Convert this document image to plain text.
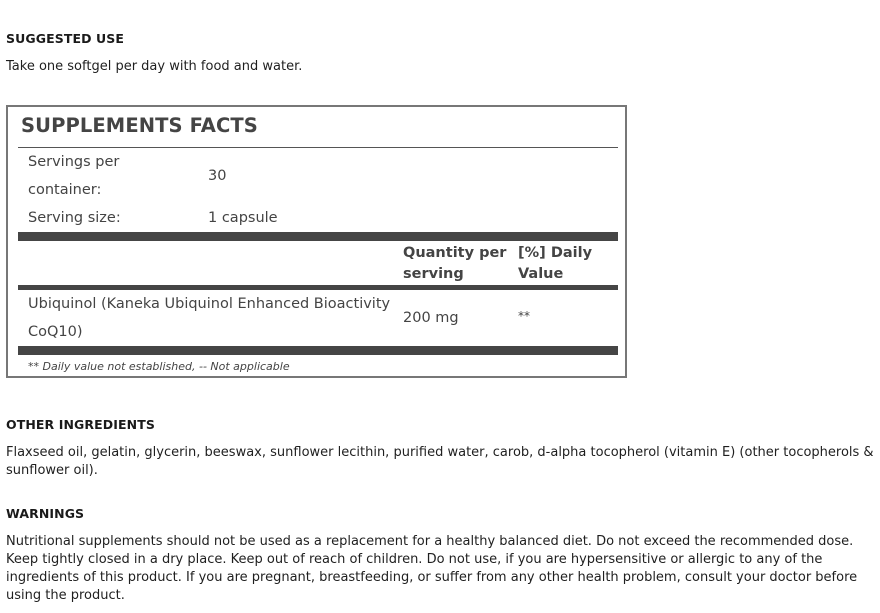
SUGGESTED USE
Take one softgel per day with food and water.
SUPPLEMENTS FACTS
Servings per
container:
30
Serving size:	1 capsule
Quantity per
serving
[%] Daily
Value
Ubiquinol (Kaneka Ubiquinol Enhanced Bioactivity
CoQ10)
200 mg	**
** Daily value not established, -- Not applicable
OTHER INGREDIENTS
Flaxseed oil, gelatin, glycerin, beeswax, sunflower lecithin, purified water, carob, d-alpha tocopherol (vitamin E) (other tocopherols &
sunflower oil).
WARNINGS
Nutritional supplements should not be used as a replacement for a healthy balanced diet. Do not exceed the recommended dose.
Keep tightly closed in a dry place. Keep out of reach of children. Do not use, if you are hypersensitive or allergic to any of the
ingredients of this product. If you are pregnant, breastfeeding, or suffer from any other health problem, consult your doctor before
using the product.
